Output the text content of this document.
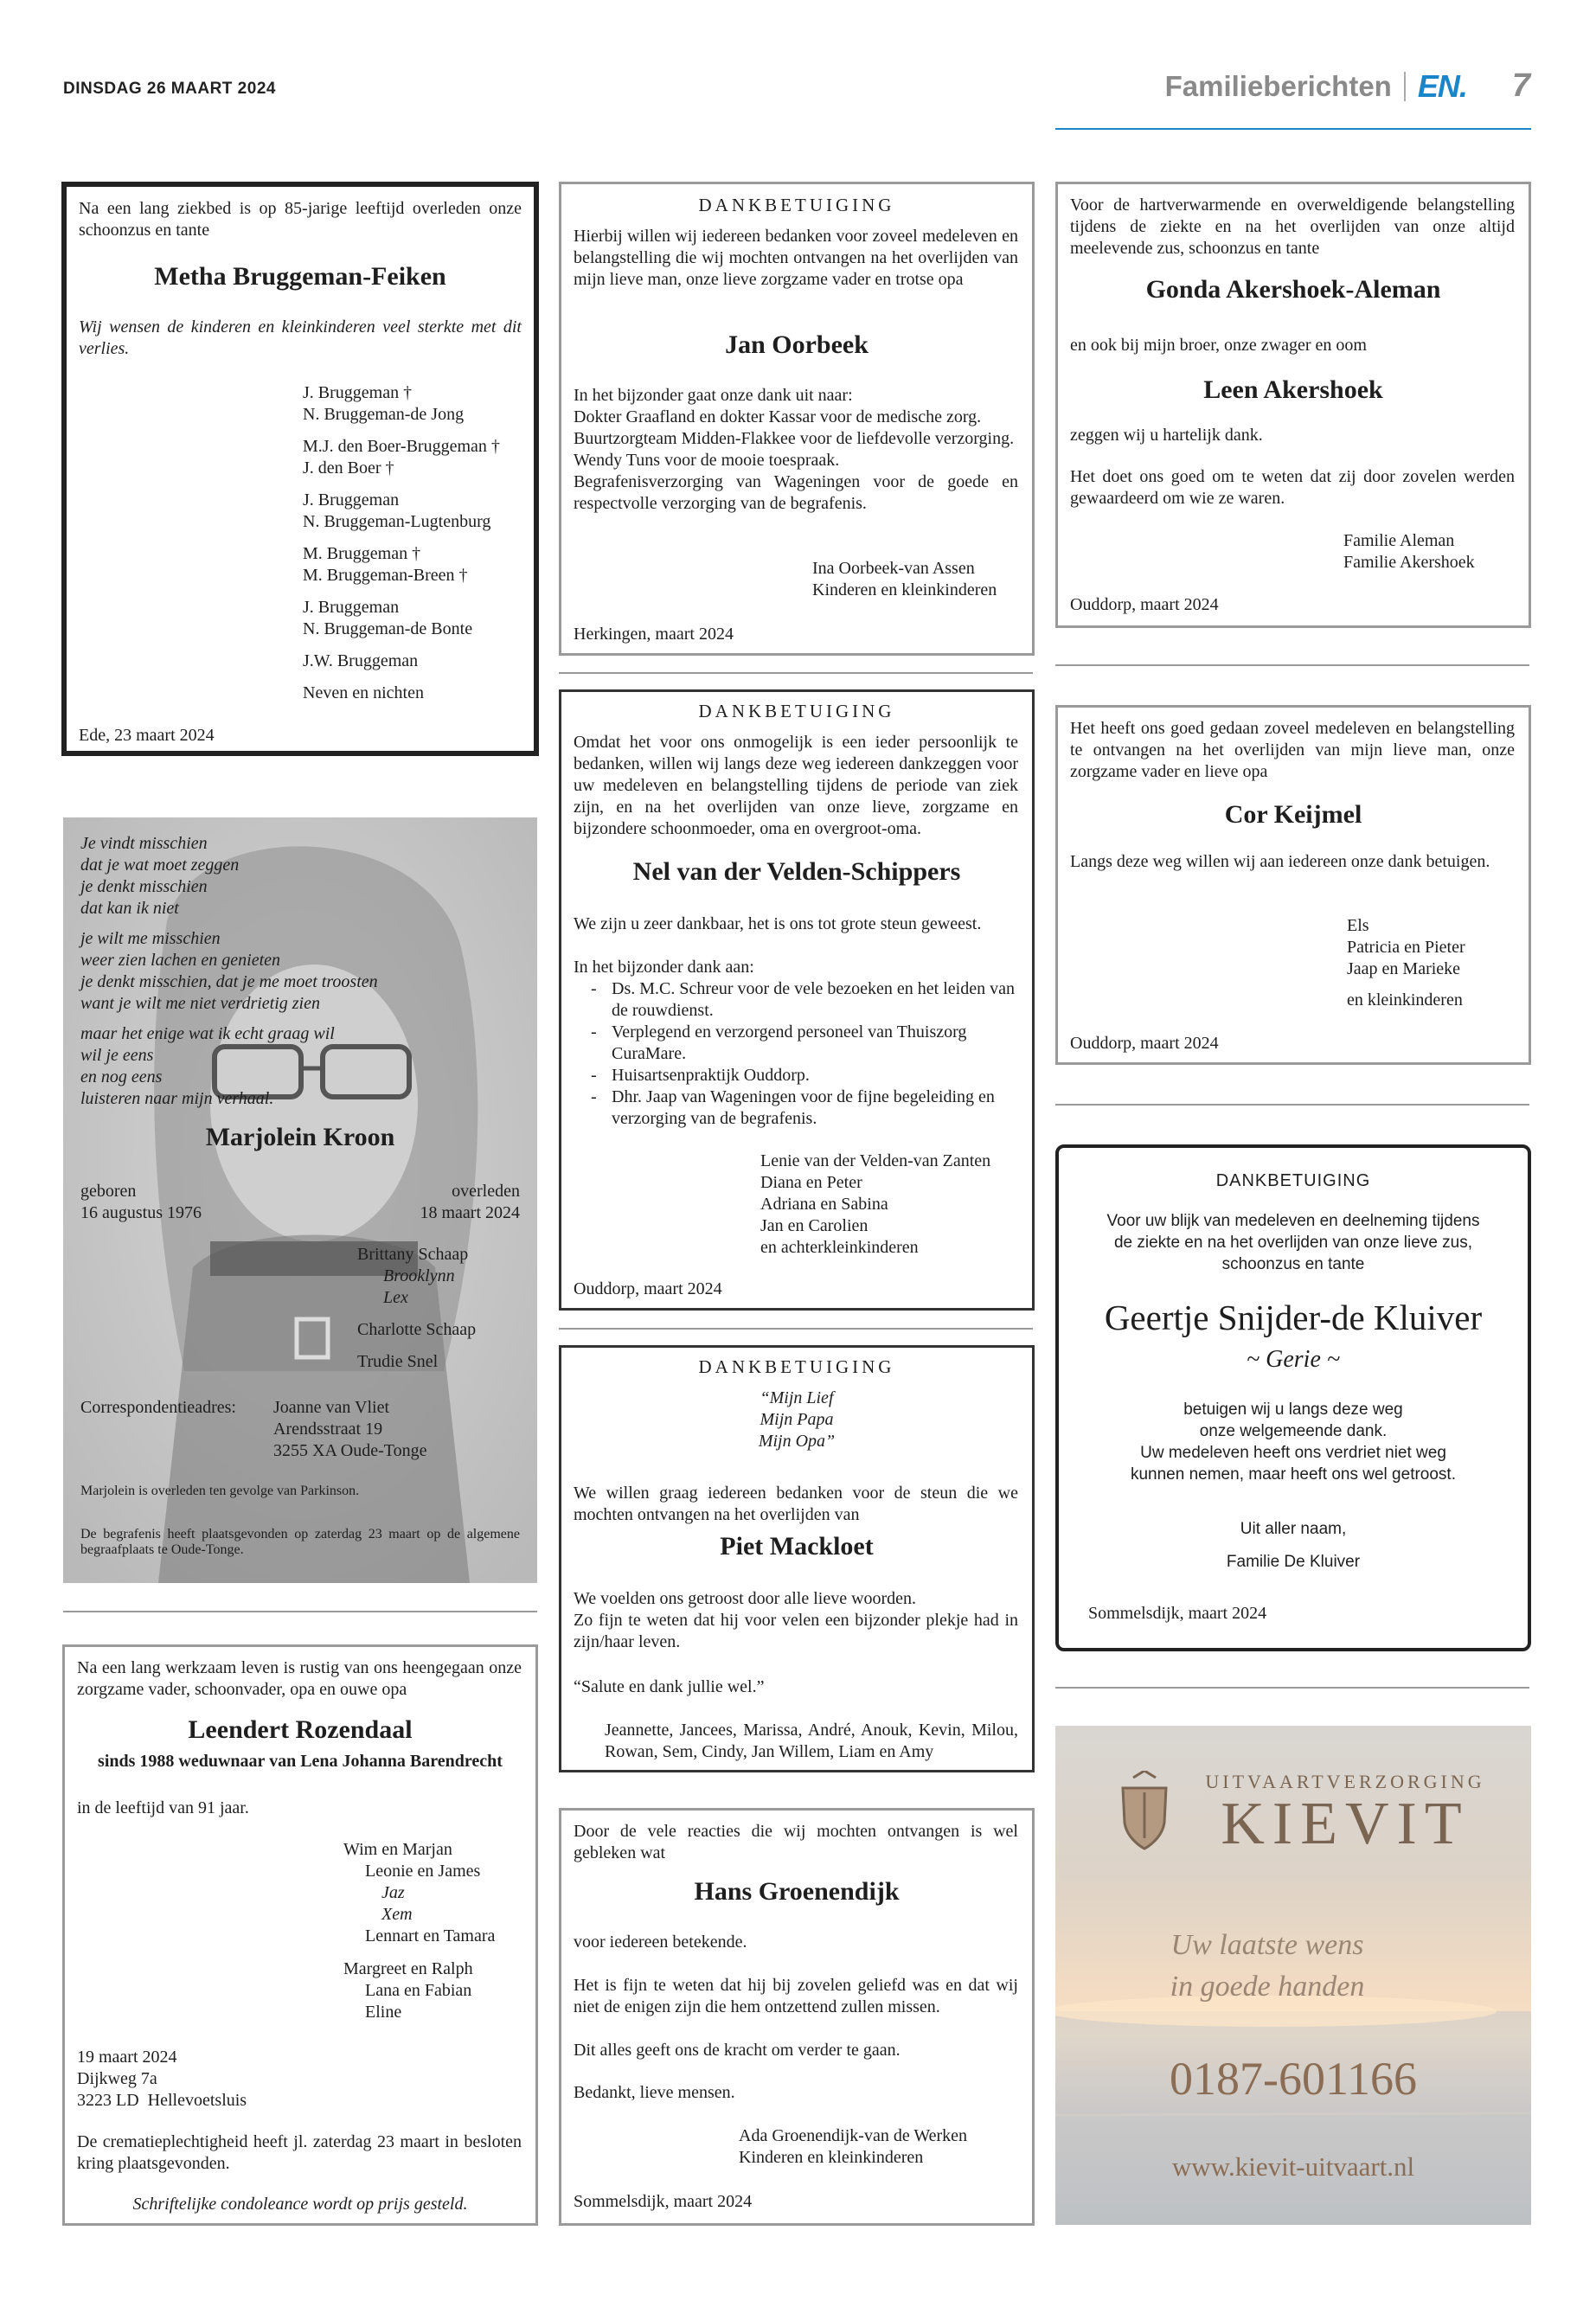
DINSDAG 26 MAART 2024	Familieberichten EN. 7
Na een lang ziekbed is op 85-jarige leeftijd overleden onze schoonzus en tante
Metha Bruggeman-Feiken
Wij wensen de kinderen en kleinkinderen veel sterkte met dit verlies.
J. Bruggeman †
N. Bruggeman-de Jong
M.J. den Boer-Bruggeman †
J. den Boer †
J. Bruggeman
N. Bruggeman-Lugtenburg
M. Bruggeman †
M. Bruggeman-Breen †
J. Bruggeman
N. Bruggeman-de Bonte
J.W. Bruggeman
Neven en nichten
Ede, 23 maart 2024
Je vindt misschien
dat je wat moet zeggen
je denkt misschien
dat kan ik niet
je wilt me misschien
weer zien lachen en genieten
je denkt misschien, dat je me moet troosten
want je wilt me niet verdrietig zien
maar het enige wat ik echt graag wil
wil je eens
en nog eens
luisteren naar mijn verhaal.
Marjolein Kroon
geboren
16 augustus 1976
overleden
18 maart 2024
Brittany Schaap
Brooklynn
Lex
Charlotte Schaap
Trudie Snel
Correspondentieadres: Joanne van Vliet
Arendsstraat 19
3255 XA Oude-Tonge
Marjolein is overleden ten gevolge van Parkinson.
De begrafenis heeft plaatsgevonden op zaterdag 23 maart op de algemene begraafplaats te Oude-Tonge.
Na een lang werkzaam leven is rustig van ons heengegaan onze zorgzame vader, schoonvader, opa en ouwe opa
Leendert Rozendaal
sinds 1988 weduwnaar van Lena Johanna Barendrecht
in de leeftijd van 91 jaar.
Wim en Marjan
Leonie en James
Jaz
Xem
Lennart en Tamara
Margreet en Ralph
Lana en Fabian
Eline
19 maart 2024
Dijkweg 7a
3223 LD  Hellevoetsluis
De crematieplechtigheid heeft jl. zaterdag 23 maart in besloten kring plaatsgevonden.
Schriftelijke condoleance wordt op prijs gesteld.
DANKBETUIGING
Hierbij willen wij iedereen bedanken voor zoveel medeleven en belangstelling die wij mochten ontvangen na het overlijden van mijn lieve man, onze lieve zorgzame vader en trotse opa
Jan Oorbeek
In het bijzonder gaat onze dank uit naar:
Dokter Graafland en dokter Kassar voor de medische zorg.
Buurtzorgteam Midden-Flakkee voor de liefdevolle verzorging.
Wendy Tuns voor de mooie toespraak.
Begrafenisverzorging van Wageningen voor de goede en respectvolle verzorging van de begrafenis.
Ina Oorbeek-van Assen
Kinderen en kleinkinderen
Herkingen, maart 2024
DANKBETUIGING
Omdat het voor ons onmogelijk is een ieder persoonlijk te bedanken, willen wij langs deze weg iedereen dankzeggen voor uw medeleven en belangstelling tijdens de periode van ziek zijn, en na het overlijden van onze lieve, zorgzame en bijzondere schoonmoeder, oma en overgroot-oma.
Nel van der Velden-Schippers
We zijn u zeer dankbaar, het is ons tot grote steun geweest.
In het bijzonder dank aan:
- Ds. M.C. Schreur voor de vele bezoeken en het leiden van de rouwdienst.
- Verplegend en verzorgend personeel van Thuiszorg CuraMare.
- Huisartsenpraktijk Ouddorp.
- Dhr. Jaap van Wageningen voor de fijne begeleiding en verzorging van de begrafenis.
Lenie van der Velden-van Zanten
Diana en Peter
Adriana en Sabina
Jan en Carolien
en achterkleinkinderen
Ouddorp, maart 2024
DANKBETUIGING
“Mijn Lief
Mijn Papa
Mijn Opa”
We willen graag iedereen bedanken voor de steun die we mochten ontvangen na het overlijden van
Piet Mackloet
We voelden ons getroost door alle lieve woorden.
Zo fijn te weten dat hij voor velen een bijzonder plekje had in zijn/haar leven.
“Salute en dank jullie wel.”
Jeannette, Jancees, Marissa, André, Anouk, Kevin, Milou, Rowan, Sem, Cindy, Jan Willem, Liam en Amy
Door de vele reacties die wij mochten ontvangen is wel gebleken wat
Hans Groenendijk
voor iedereen betekende.
Het is fijn te weten dat hij bij zovelen geliefd was en dat wij niet de enigen zijn die hem ontzettend zullen missen.
Dit alles geeft ons de kracht om verder te gaan.
Bedankt, lieve mensen.
Ada Groenendijk-van de Werken
Kinderen en kleinkinderen
Sommelsdijk, maart 2024
Voor de hartverwarmende en overweldigende belangstelling tijdens de ziekte en na het overlijden van onze altijd meelevende zus, schoonzus en tante
Gonda Akershoek-Aleman
en ook bij mijn broer, onze zwager en oom
Leen Akershoek
zeggen wij u hartelijk dank.
Het doet ons goed om te weten dat zij door zovelen werden gewaardeerd om wie ze waren.
Familie Aleman
Familie Akershoek
Ouddorp, maart 2024
Het heeft ons goed gedaan zoveel medeleven en belangstelling te ontvangen na het overlijden van mijn lieve man, onze zorgzame vader en lieve opa
Cor Keijmel
Langs deze weg willen wij aan iedereen onze dank betuigen.
Els
Patricia en Pieter
Jaap en Marieke
en kleinkinderen
Ouddorp, maart 2024
DANKBETUIGING
Voor uw blijk van medeleven en deelneming tijdens
de ziekte en na het overlijden van onze lieve zus,
schoonzus en tante
Geertje Snijder-de Kluiver
~ Gerie ~
betuigen wij u langs deze weg
onze welgemeende dank.
Uw medeleven heeft ons verdriet niet weg
kunnen nemen, maar heeft ons wel getroost.
Uit aller naam,
Familie De Kluiver
Sommelsdijk, maart 2024
UITVAARTVERZORGING
KIEVIT
Uw laatste wens
in goede handen
0187-601166
www.kievit-uitvaart.nl
